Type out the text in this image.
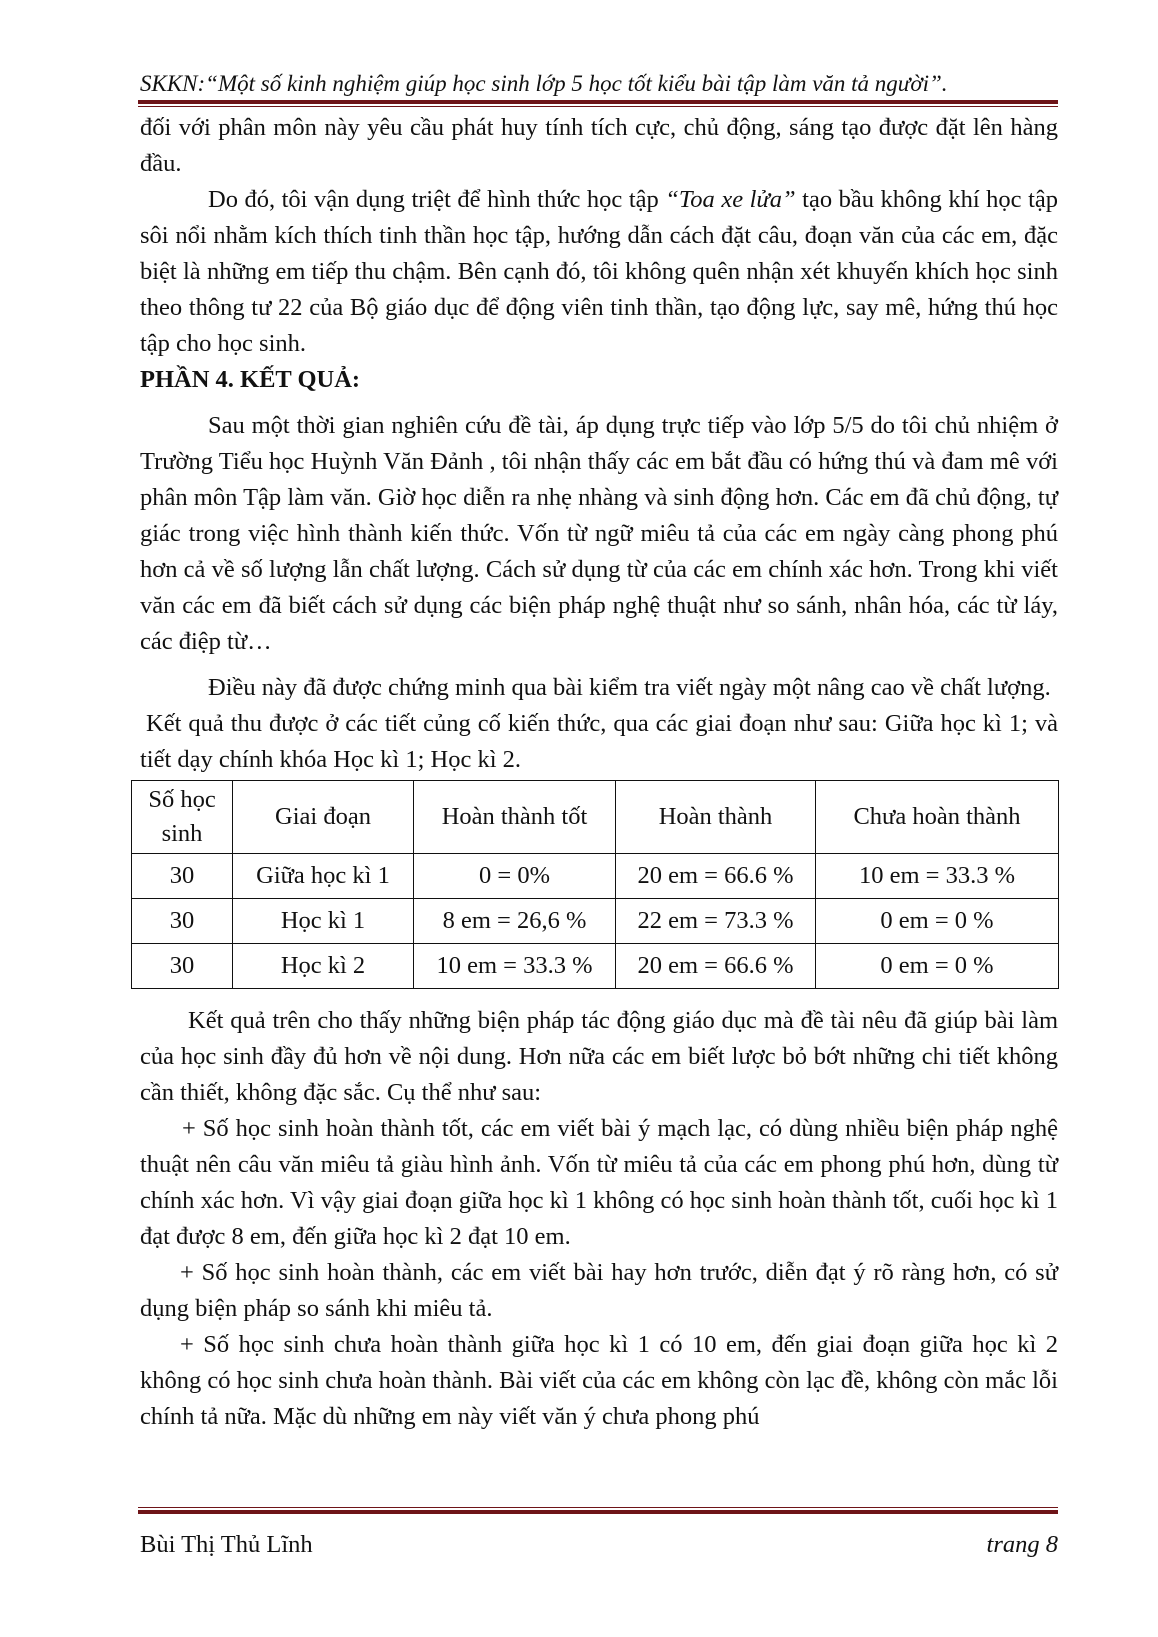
SKKN:“Một số kinh nghiệm giúp học sinh lớp 5 học tốt kiểu bài tập làm văn tả người”.

đối với phân môn này yêu cầu phát huy tính tích cực, chủ động, sáng tạo được đặt lên hàng đầu.

Do đó, tôi vận dụng triệt để hình thức học tập “Toa xe lửa” tạo bầu không khí học tập sôi nổi nhằm kích thích tinh thần học tập, hướng dẫn cách đặt câu, đoạn văn của các em, đặc biệt là những em tiếp thu chậm. Bên cạnh đó, tôi không quên nhận xét khuyến khích học sinh theo thông tư 22 của Bộ giáo dục để động viên tinh thần, tạo động lực, say mê, hứng thú học tập cho học sinh.

PHẦN 4. KẾT QUẢ:

Sau một thời gian nghiên cứu đề tài, áp dụng trực tiếp vào lớp 5/5 do tôi chủ nhiệm ở Trường Tiểu học Huỳnh Văn Đảnh , tôi nhận thấy các em bắt đầu có hứng thú và đam mê với phân môn Tập làm văn. Giờ học diễn ra nhẹ nhàng và sinh động hơn. Các em đã chủ động, tự giác trong việc hình thành kiến thức. Vốn từ ngữ miêu tả của các em ngày càng phong phú hơn cả về số lượng lẫn chất lượng. Cách sử dụng từ của các em chính xác hơn. Trong khi viết văn các em đã biết cách sử dụng các biện pháp nghệ thuật như so sánh, nhân hóa, các từ láy, các điệp từ…

Điều này đã được chứng minh qua bài kiểm tra viết ngày một nâng cao về chất lượng.

Kết quả thu được ở các tiết củng cố kiến thức, qua các giai đoạn như sau: Giữa học kì 1; và tiết dạy chính khóa Học kì 1; Học kì 2.

Số học sinh	Giai đoạn	Hoàn thành tốt	Hoàn thành	Chưa hoàn thành
30	Giữa học kì 1	0 = 0%	20 em = 66.6 %	10 em = 33.3 %
30	Học kì 1	8 em = 26,6 %	22 em = 73.3 %	0 em = 0 %
30	Học kì 2	10 em = 33.3 %	20 em = 66.6 %	0 em = 0 %

Kết quả trên cho thấy những biện pháp tác động giáo dục mà đề tài nêu đã giúp bài làm của học sinh đầy đủ hơn về nội dung. Hơn nữa các em biết lược bỏ bớt những chi tiết không cần thiết, không đặc sắc. Cụ thể như sau:

+ Số học sinh hoàn thành tốt, các em viết bài ý mạch lạc, có dùng nhiều biện pháp nghệ thuật nên câu văn miêu tả giàu hình ảnh. Vốn từ miêu tả của các em phong phú hơn, dùng từ chính xác hơn. Vì vậy giai đoạn giữa học kì 1 không có học sinh hoàn thành tốt, cuối học kì 1 đạt được 8 em, đến giữa học kì 2 đạt 10 em.

+ Số học sinh hoàn thành, các em viết bài hay hơn trước, diễn đạt ý rõ ràng hơn, có sử dụng biện pháp so sánh khi miêu tả.

+ Số học sinh chưa hoàn thành giữa học kì 1 có 10 em, đến giai đoạn giữa học kì 2 không có học sinh chưa hoàn thành. Bài viết của các em không còn lạc đề, không còn mắc lỗi chính tả nữa. Mặc dù những em này viết văn ý chưa phong phú

Bùi Thị Thủ Lĩnh	trang 8
